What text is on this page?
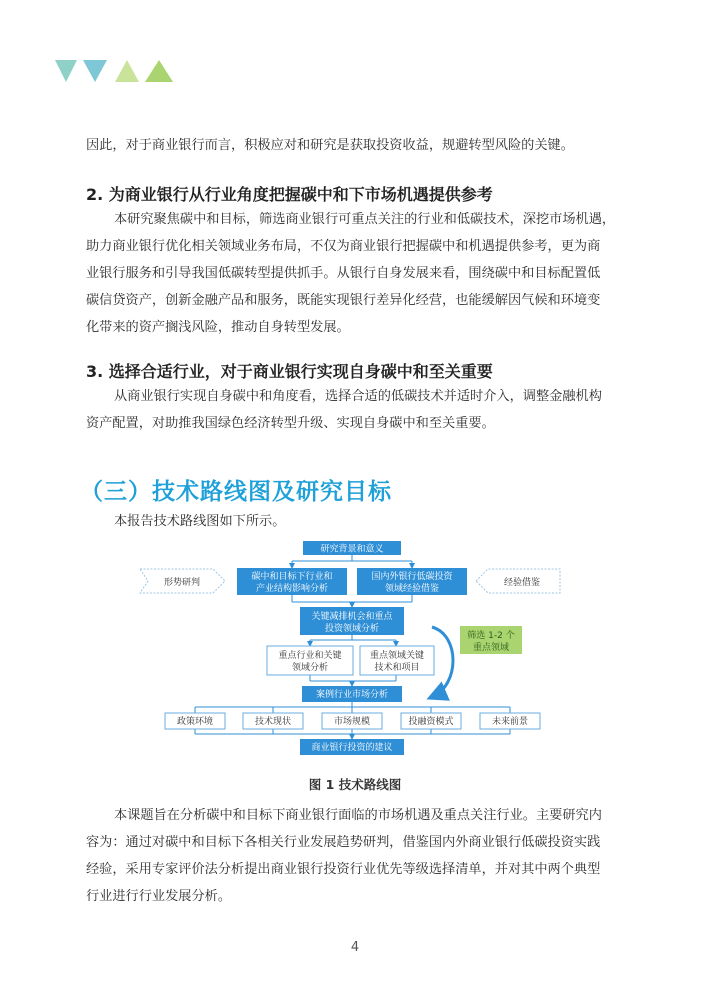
因此，对于商业银行而言，积极应对和研究是获取投资收益，规避转型风险的关键。

2. 为商业银行从行业角度把握碳中和下市场机遇提供参考
本研究聚焦碳中和目标，筛选商业银行可重点关注的行业和低碳技术，深挖市场机遇，
助力商业银行优化相关领域业务布局，不仅为商业银行把握碳中和机遇提供参考，更为商
业银行服务和引导我国低碳转型提供抓手。从银行自身发展来看，围绕碳中和目标配置低
碳信贷资产，创新金融产品和服务，既能实现银行差异化经营，也能缓解因气候和环境变
化带来的资产搁浅风险，推动自身转型发展。
3. 选择合适行业，对于商业银行实现自身碳中和至关重要
从商业银行实现自身碳中和角度看，选择合适的低碳技术并适时介入，调整金融机构
资产配置，对助推我国绿色经济转型升级、实现自身碳中和至关重要。
（三）技术路线图及研究目标

本报告技术路线图如下所示。

形势研判	经验借鉴
研究背景和意义
碳中和目标下行业和
产业结构影响分析
国内外银行低碳投资
领域经验借鉴
关键减排机会和重点
投资领域分析
重点行业和关键
领域分析
重点领域关键
技术和项目
筛选 1-2 个
重点领域
案例行业市场分析
政策环境	技术现状	市场规模	投融资模式	未来前景
商业银行投资的建议
图 1 技术路线图
本课题旨在分析碳中和目标下商业银行面临的市场机遇及重点关注行业。主要研究内
容为：通过对碳中和目标下各相关行业发展趋势研判，借鉴国内外商业银行低碳投资实践
经验，采用专家评价法分析提出商业银行投资行业优先等级选择清单，并对其中两个典型
行业进行行业发展分析。
4
